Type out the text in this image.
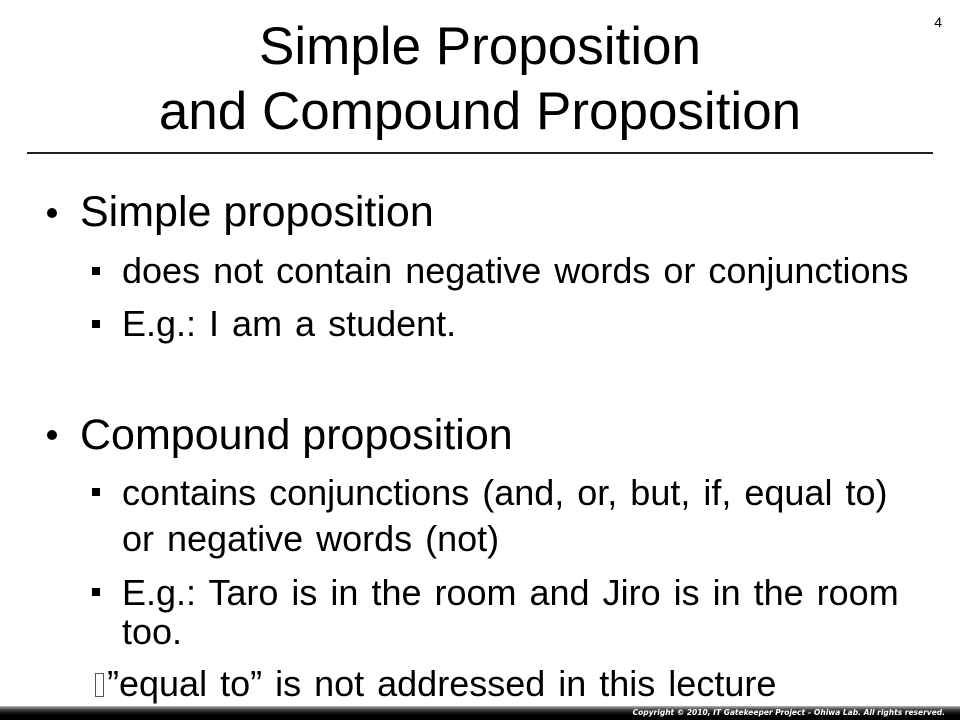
4
Simple Proposition
and Compound Proposition
Simple proposition
does not contain negative words or conjunctions
E.g.: I am a student.
Compound proposition
contains conjunctions (and, or, but, if, equal to)
or negative words (not)
E.g.: Taro is in the room and Jiro is in the room
too.
”equal to” is not addressed in this lecture
Copyright © 2010, IT Gatekeeper Project – Ohiwa Lab. All rights reserved.
